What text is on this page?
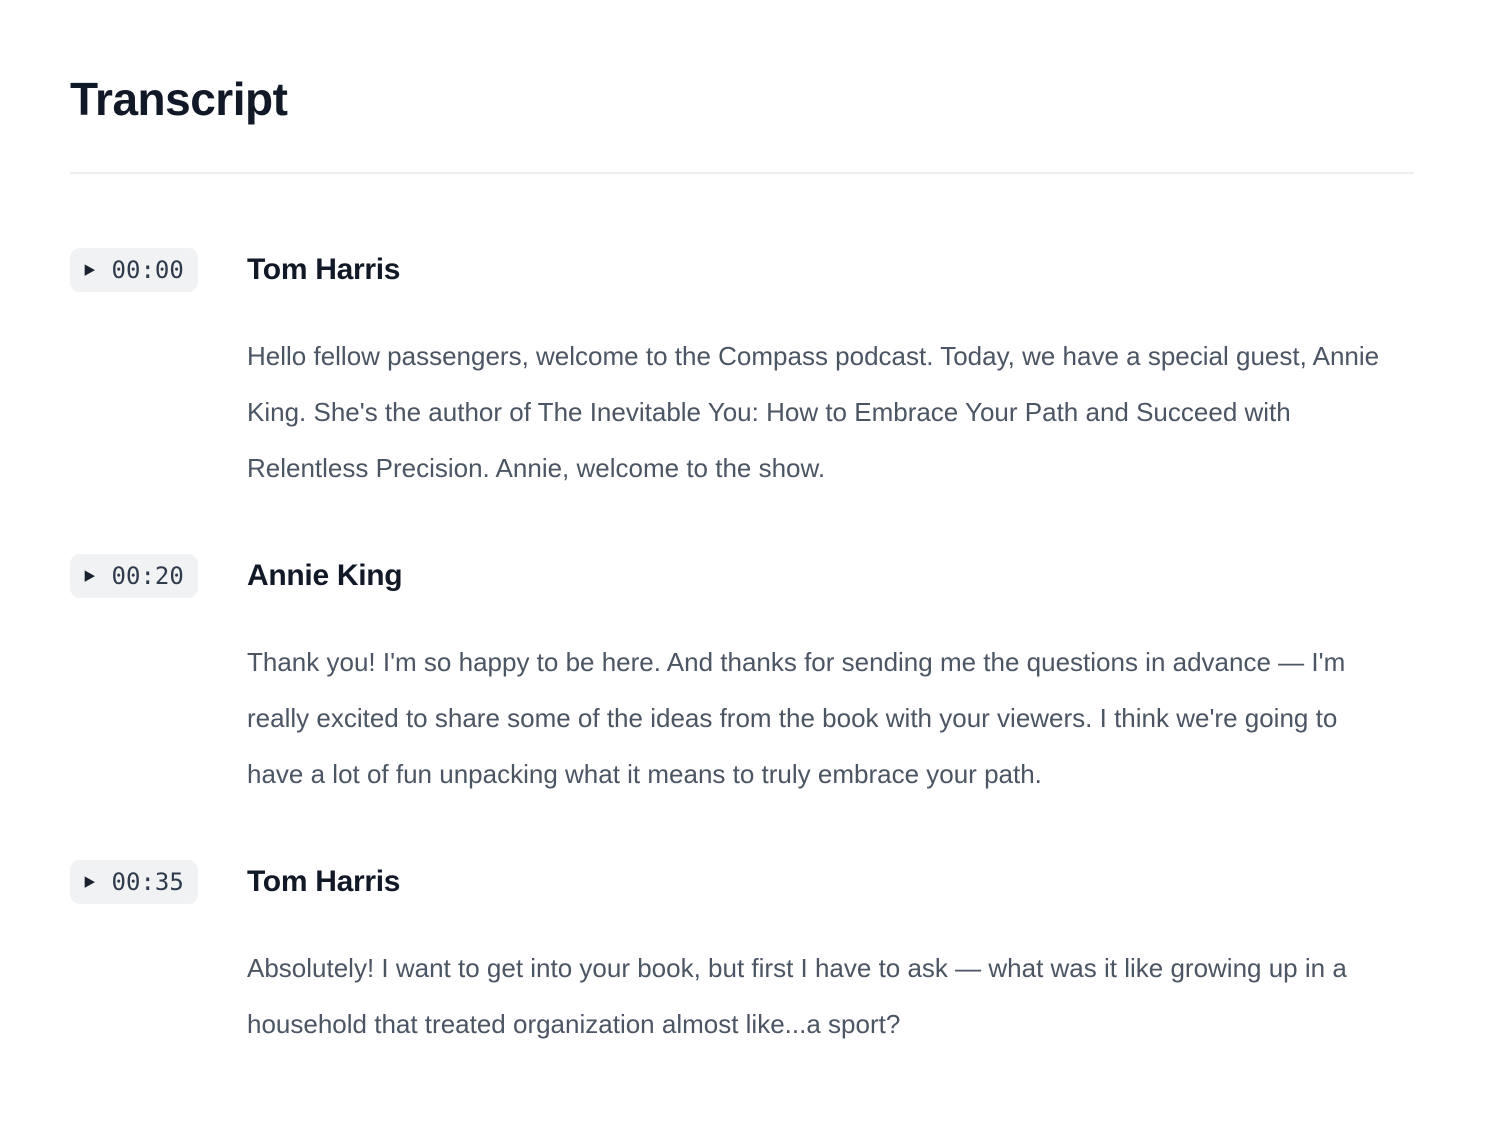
Transcript
▶ 00:00 Tom Harris

Hello fellow passengers, welcome to the Compass podcast. Today, we have a special guest, Annie King. She's the author of The Inevitable You: How to Embrace Your Path and Succeed with Relentless Precision. Annie, welcome to the show.

▶ 00:20 Annie King

Thank you! I'm so happy to be here. And thanks for sending me the questions in advance — I'm really excited to share some of the ideas from the book with your viewers. I think we're going to have a lot of fun unpacking what it means to truly embrace your path.

▶ 00:35 Tom Harris

Absolutely! I want to get into your book, but first I have to ask — what was it like growing up in a household that treated organization almost like...a sport?
